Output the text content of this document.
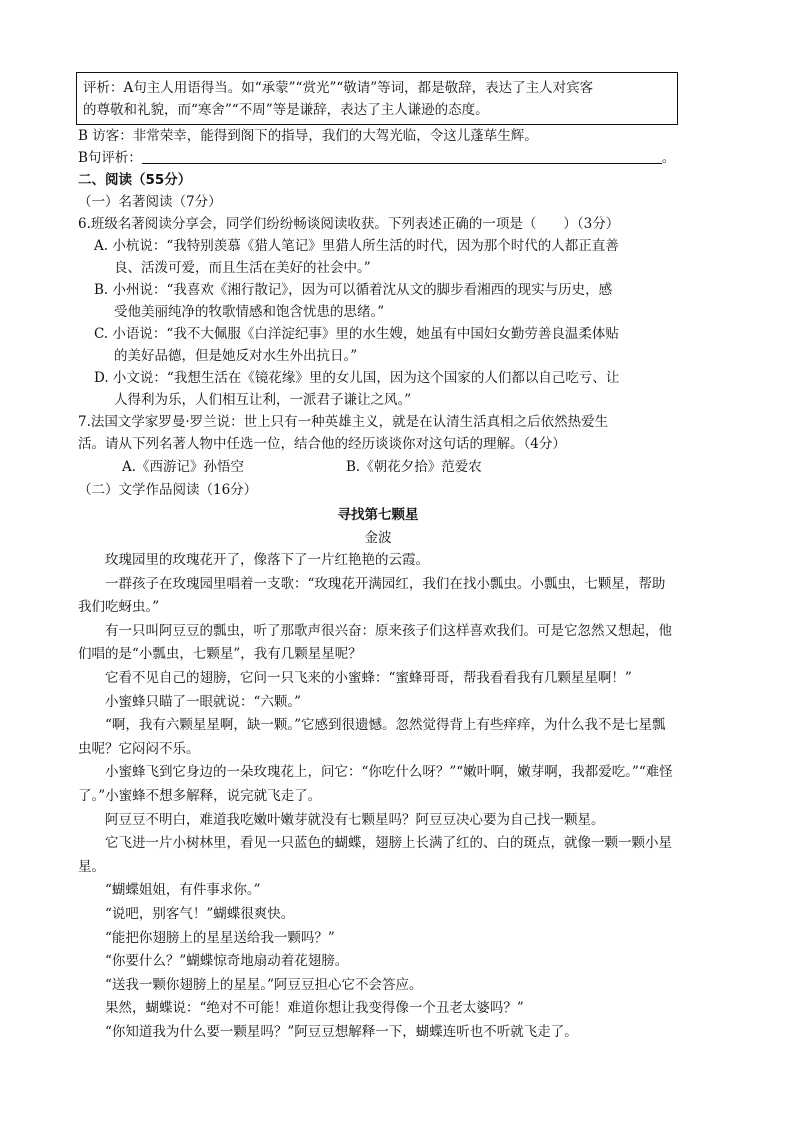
评析：A句主人用语得当。如“承蒙”“赏光”“敬请”等词，都是敬辞，表达了主人对宾客

的尊敬和礼貌，而“寒舍”“不周”等是谦辞，表达了主人谦逊的态度。

B 访客：非常荣幸，能得到阁下的指导，我们的大驾光临，令这儿蓬荜生辉。

B句评析：	。

二、阅读（55分）

（一）名著阅读（7分）

6.班级名著阅读分享会，同学们纷纷畅谈阅读收获。下列表述正确的一项是（　　）（3分）

A. 小杭说：“我特别羡慕《猎人笔记》里猎人所生活的时代，因为那个时代的人都正直善

良、活泼可爱，而且生活在美好的社会中。”

B. 小州说：“我喜欢《湘行散记》，因为可以循着沈从文的脚步看湘西的现实与历史，感

受他美丽纯净的牧歌情感和饱含忧患的思绪。”

C. 小语说：“我不大佩服《白洋淀纪事》里的水生嫂，她虽有中国妇女勤劳善良温柔体贴

的美好品德，但是她反对水生外出抗日。”

D. 小文说：“我想生活在《镜花缘》里的女儿国，因为这个国家的人们都以自己吃亏、让

人得利为乐，人们相互让利，一派君子谦让之风。”

7.法国文学家罗曼·罗兰说：世上只有一种英雄主义，就是在认清生活真相之后依然热爱生

活。请从下列名著人物中任选一位，结合他的经历谈谈你对这句话的理解。（4分）

A.《西游记》孙悟空	B.《朝花夕拾》范爱农

（二）文学作品阅读（16分）

寻找第七颗星

金波

玫瑰园里的玫瑰花开了，像落下了一片红艳艳的云霞。

一群孩子在玫瑰园里唱着一支歌：“玫瑰花开满园红，我们在找小瓢虫。小瓢虫，七颗星，帮助我们吃蚜虫。”

有一只叫阿豆豆的瓢虫，听了那歌声很兴奋：原来孩子们这样喜欢我们。可是它忽然又想起，他们唱的是“小瓢虫，七颗星”，我有几颗星星呢？

它看不见自己的翅膀，它问一只飞来的小蜜蜂：“蜜蜂哥哥，帮我看看我有几颗星星啊！”

小蜜蜂只瞄了一眼就说：“六颗。”

“啊，我有六颗星星啊，缺一颗。”它感到很遗憾。忽然觉得背上有些痒痒，为什么我不是七星瓢虫呢？它闷闷不乐。

小蜜蜂飞到它身边的一朵玫瑰花上，问它：“你吃什么呀？”“嫩叶啊，嫩芽啊，我都爱吃。”“难怪了。”小蜜蜂不想多解释，说完就飞走了。

阿豆豆不明白，难道我吃嫩叶嫩芽就没有七颗星吗？阿豆豆决心要为自己找一颗星。

它飞进一片小树林里，看见一只蓝色的蝴蝶，翅膀上长满了红的、白的斑点，就像一颗一颗小星星。

“蝴蝶姐姐，有件事求你。”

“说吧，别客气！”蝴蝶很爽快。

“能把你翅膀上的星星送给我一颗吗？”

“你要什么？”蝴蝶惊奇地扇动着花翅膀。

“送我一颗你翅膀上的星星。”阿豆豆担心它不会答应。

果然，蝴蝶说：“绝对不可能！难道你想让我变得像一个丑老太婆吗？”

“你知道我为什么要一颗星吗？”阿豆豆想解释一下，蝴蝶连听也不听就飞走了。
